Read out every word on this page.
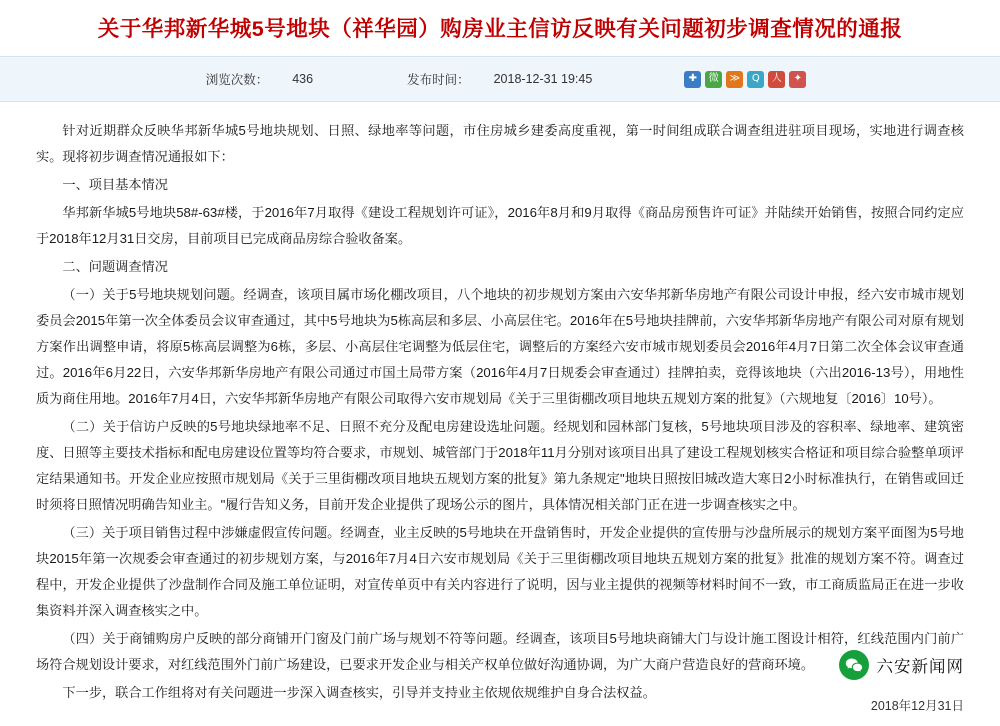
关于华邦新华城5号地块（祥华园）购房业主信访反映有关问题初步调查情况的通报
浏览次数：	436	发布时间：	2018-12-31 19:45	✚	微	≫	Q	人	✦

针对近期群众反映华邦新华城5号地块规划、日照、绿地率等问题，市住房城乡建委高度重视，第一时间组成联合调查组进驻项目现场，实地进行调查核实。现将初步调查情况通报如下：

一、项目基本情况

华邦新华城5号地块58#-63#楼，于2016年7月取得《建设工程规划许可证》，2016年8月和9月取得《商品房预售许可证》并陆续开始销售，按照合同约定应于2018年12月31日交房，目前项目已完成商品房综合验收备案。

二、问题调查情况

（一）关于5号地块规划问题。经调查，该项目属市场化棚改项目，八个地块的初步规划方案由六安华邦新华房地产有限公司设计申报，经六安市城市规划委员会2015年第一次全体委员会议审查通过，其中5号地块为5栋高层和多层、小高层住宅。2016年在5号地块挂牌前，六安华邦新华房地产有限公司对原有规划方案作出调整申请，将原5栋高层调整为6栋，多层、小高层住宅调整为低层住宅，调整后的方案经六安市城市规划委员会2016年4月7日第二次全体会议审查通过。2016年6月22日，六安华邦新华房地产有限公司通过市国土局带方案（2016年4月7日规委会审查通过）挂牌拍卖，竞得该地块（六出2016-13号），用地性质为商住用地。2016年7月4日，六安华邦新华房地产有限公司取得六安市规划局《关于三里街棚改项目地块五规划方案的批复》（六规地复〔2016〕10号）。

（二）关于信访户反映的5号地块绿地率不足、日照不充分及配电房建设选址问题。经规划和园林部门复核，5号地块项目涉及的容积率、绿地率、建筑密度、日照等主要技术指标和配电房建设位置等均符合要求，市规划、城管部门于2018年11月分别对该项目出具了建设工程规划核实合格证和项目综合验整单项评定结果通知书。开发企业应按照市规划局《关于三里街棚改项目地块五规划方案的批复》第九条规定"地块日照按旧城改造大寒日2小时标准执行，在销售或回迁时须将日照情况明确告知业主。"履行告知义务，目前开发企业提供了现场公示的图片，具体情况相关部门正在进一步调查核实之中。

（三）关于项目销售过程中涉嫌虚假宣传问题。经调查，业主反映的5号地块在开盘销售时，开发企业提供的宣传册与沙盘所展示的规划方案平面图为5号地块2015年第一次规委会审查通过的初步规划方案，与2016年7月4日六安市规划局《关于三里街棚改项目地块五规划方案的批复》批准的规划方案不符。调查过程中，开发企业提供了沙盘制作合同及施工单位证明，对宣传单页中有关内容进行了说明，因与业主提供的视频等材料时间不一致，市工商质监局正在进一步收集资料并深入调查核实之中。

（四）关于商铺购房户反映的部分商铺开门窗及门前广场与规划不符等问题。经调查，该项目5号地块商铺ּ大门与设计施工图设计相符，红线范围内门前广场符合规划设计要求，对红线范围外门前广场建设，已要求开发企业与相关产权单位做好沟通协调，为广大商户营造良好的营商环境。

下一步，联合工作组将对有关问题进一步深入调查核实，引导并支持业主依规依规维护自身合法权益。

六安新闻网
2018年12月31日
